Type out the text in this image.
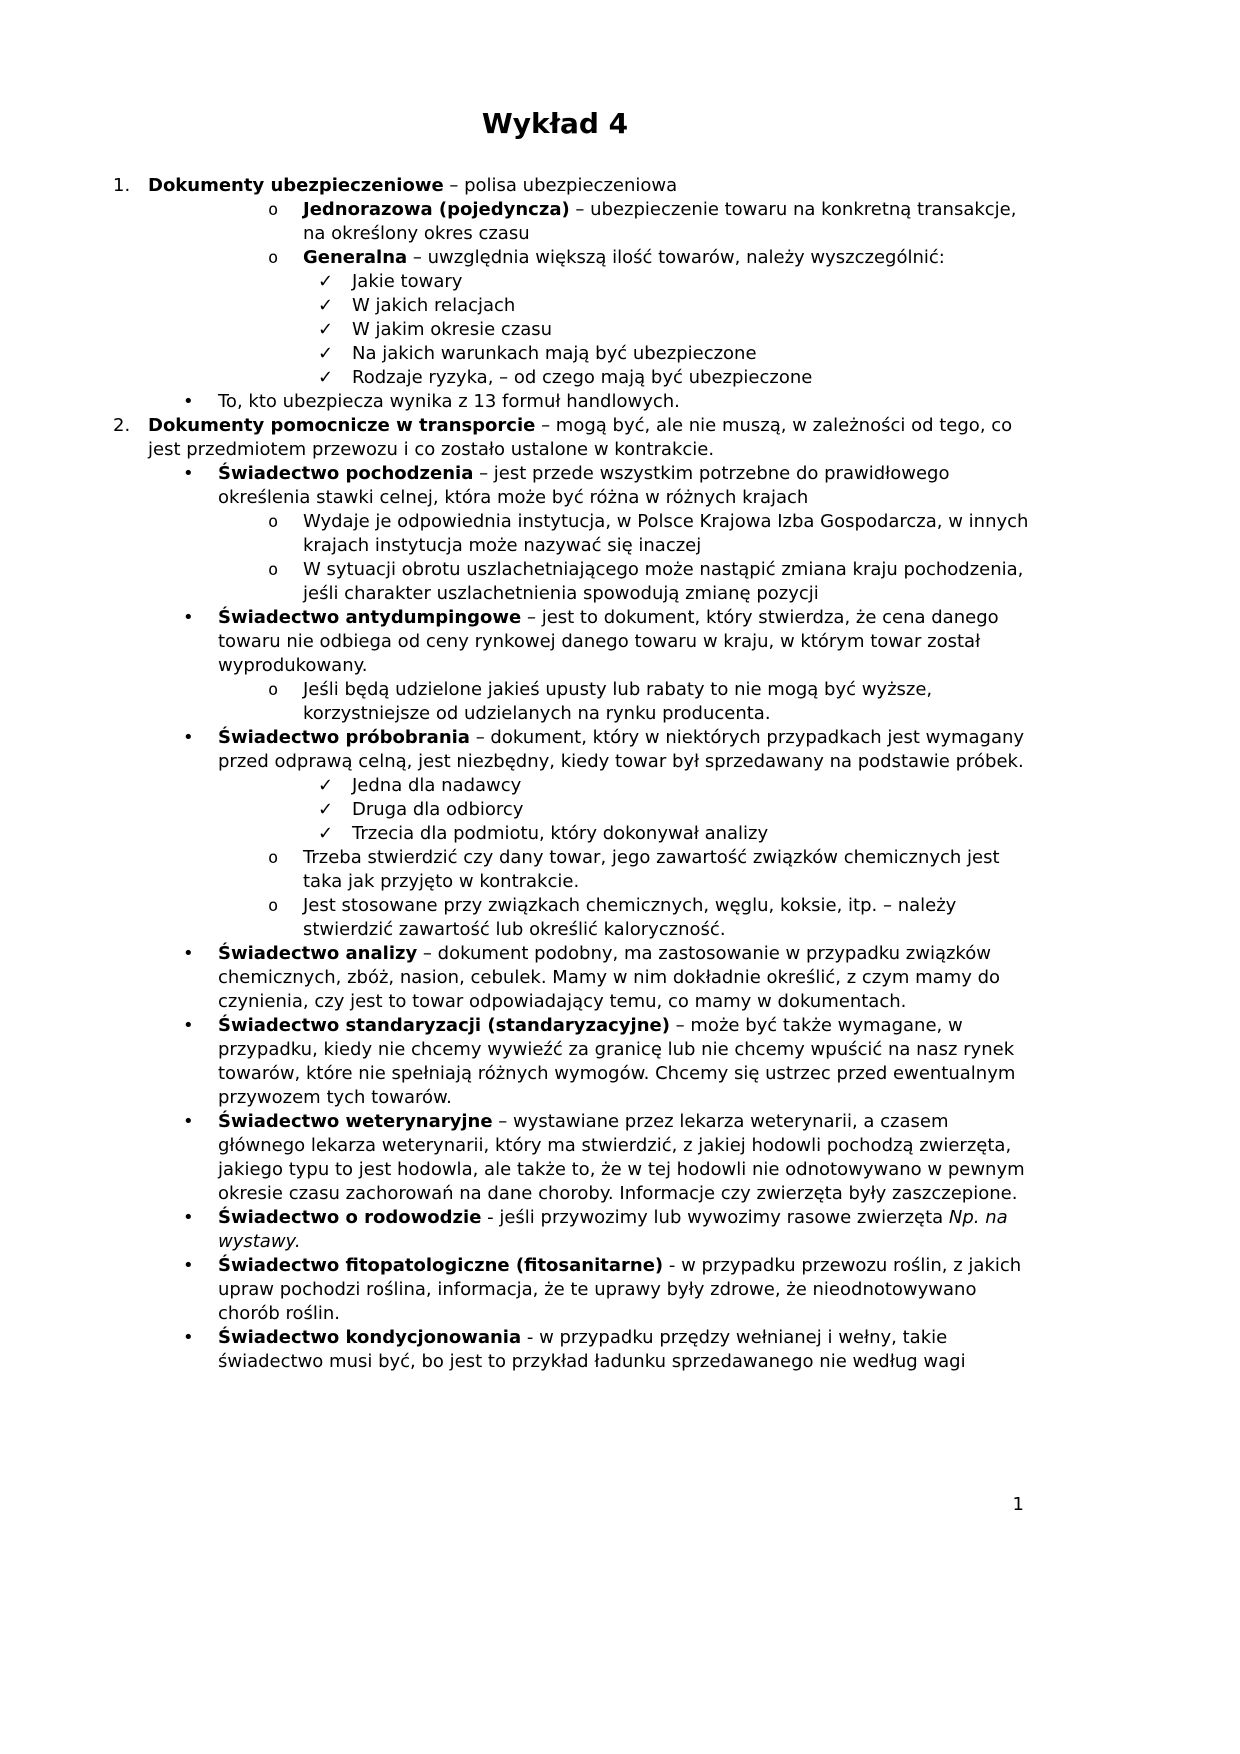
Wykład 4
1. Dokumenty ubezpieczeniowe – polisa ubezpieczeniowa
o	Jednorazowa (pojedyncza) – ubezpieczenie towaru na konkretną transakcje, na określony okres czasu
o	Generalna – uwzględnia większą ilość towarów, należy wyszczególnić:
✓	Jakie towary
✓	W jakich relacjach
✓	W jakim okresie czasu
✓	Na jakich warunkach mają być ubezpieczone
✓	Rodzaje ryzyka, – od czego mają być ubezpieczone
•	To, kto ubezpiecza wynika z 13 formuł handlowych.
2. Dokumenty pomocnicze w transporcie – mogą być, ale nie muszą, w zależności od tego, co jest przedmiotem przewozu i co zostało ustalone w kontrakcie.
•	Świadectwo pochodzenia – jest przede wszystkim potrzebne do prawidłowego określenia stawki celnej, która może być różna w różnych krajach
o	Wydaje je odpowiednia instytucja, w Polsce Krajowa Izba Gospodarcza, w innych krajach instytucja może nazywać się inaczej
o	W sytuacji obrotu uszlachetniającego może nastąpić zmiana kraju pochodzenia, jeśli charakter uszlachetnienia spowodują zmianę pozycji
•	Świadectwo antydumpingowe – jest to dokument, który stwierdza, że cena danego towaru nie odbiega od ceny rynkowej danego towaru w kraju, w którym towar został wyprodukowany.
o	Jeśli będą udzielone jakieś upusty lub rabaty to nie mogą być wyższe, korzystniejsze od udzielanych na rynku producenta.
•	Świadectwo próbobrania – dokument, który w niektórych przypadkach jest wymagany przed odprawą celną, jest niezbędny, kiedy towar był sprzedawany na podstawie próbek.
✓	Jedna dla nadawcy
✓	Druga dla odbiorcy
✓	Trzecia dla podmiotu, który dokonywał analizy
o	Trzeba stwierdzić czy dany towar, jego zawartość związków chemicznych jest taka jak przyjęto w kontrakcie.
o	Jest stosowane przy związkach chemicznych, węglu, koksie, itp. – należy stwierdzić zawartość lub określić kaloryczność.
•	Świadectwo analizy – dokument podobny, ma zastosowanie w przypadku związków chemicznych, zbóż, nasion, cebulek. Mamy w nim dokładnie określić, z czym mamy do czynienia, czy jest to towar odpowiadający temu, co mamy w dokumentach.
•	Świadectwo standaryzacji (standaryzacyjne) – może być także wymagane, w przypadku, kiedy nie chcemy wywieźć za granicę lub nie chcemy wpuścić na nasz rynek towarów, które nie spełniają różnych wymogów. Chcemy się ustrzec przed ewentualnym przywozem tych towarów.
•	Świadectwo weterynaryjne – wystawiane przez lekarza weterynarii, a czasem głównego lekarza weterynarii, który ma stwierdzić, z jakiej hodowli pochodzą zwierzęta, jakiego typu to jest hodowla, ale także to, że w tej hodowli nie odnotowywano w pewnym okresie czasu zachorowań na dane choroby. Informacje czy zwierzęta były zaszczepione.
•	Świadectwo o rodowodzie - jeśli przywozimy lub wywozimy rasowe zwierzęta Np. na wystawy.
•	Świadectwo fitopatologiczne (fitosanitarne) - w przypadku przewozu roślin, z jakich upraw pochodzi roślina, informacja, że te uprawy były zdrowe, że nieodnotowywano chorób roślin.
•	Świadectwo kondycjonowania - w przypadku przędzy wełnianej i wełny, takie świadectwo musi być, bo jest to przykład ładunku sprzedawanego nie według wagi
1
